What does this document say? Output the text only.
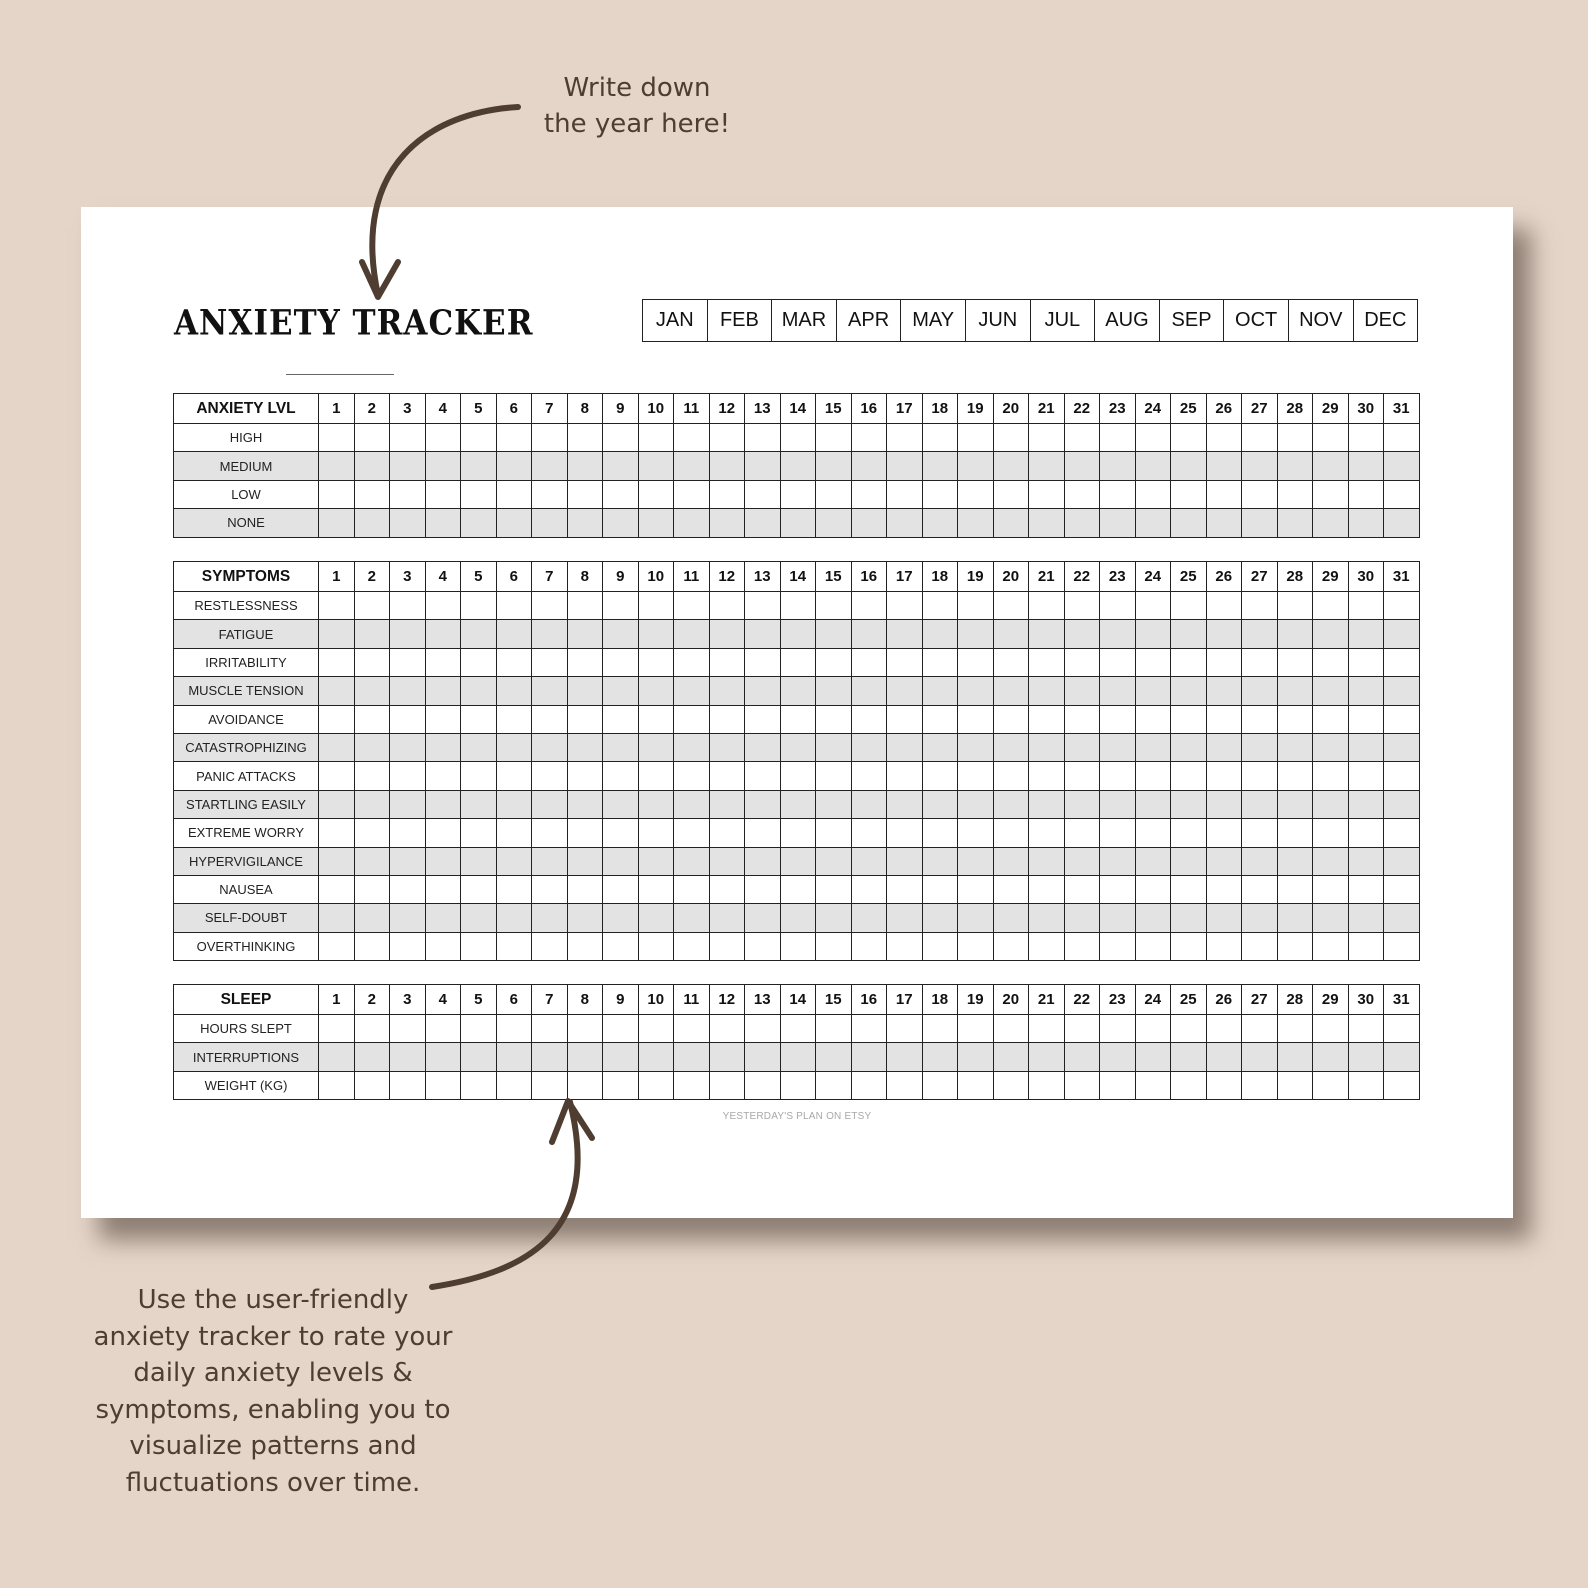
Write down
the year here!
ANXIETY TRACKER	JAN	FEB	MAR	APR	MAY	JUN	JUL	AUG	SEP	OCT	NOV	DEC
ANXIETY LVL	1	2	3	4	5	6	7	8	9	10	11	12	13	14	15	16	17	18	19	20	21	22	23	24	25	26	27	28	29	30	31
HIGH																															
MEDIUM																															
LOW																															
NONE																															
SYMPTOMS	1	2	3	4	5	6	7	8	9	10	11	12	13	14	15	16	17	18	19	20	21	22	23	24	25	26	27	28	29	30	31
RESTLESSNESS																															
FATIGUE																															
IRRITABILITY																															
MUSCLE TENSION																															
AVOIDANCE																															
CATASTROPHIZING																															
PANIC ATTACKS																															
STARTLING EASILY																															
EXTREME WORRY																															
HYPERVIGILANCE																															
NAUSEA																															
SELF-DOUBT																															
OVERTHINKING																															
SLEEP	1	2	3	4	5	6	7	8	9	10	11	12	13	14	15	16	17	18	19	20	21	22	23	24	25	26	27	28	29	30	31
HOURS SLEPT																															
INTERRUPTIONS																															
WEIGHT (KG)																															
YESTERDAY'S PLAN ON ETSY
Use the user-friendly anxiety tracker to rate your daily anxiety levels & symptoms, enabling you to visualize patterns and fluctuations over time.
